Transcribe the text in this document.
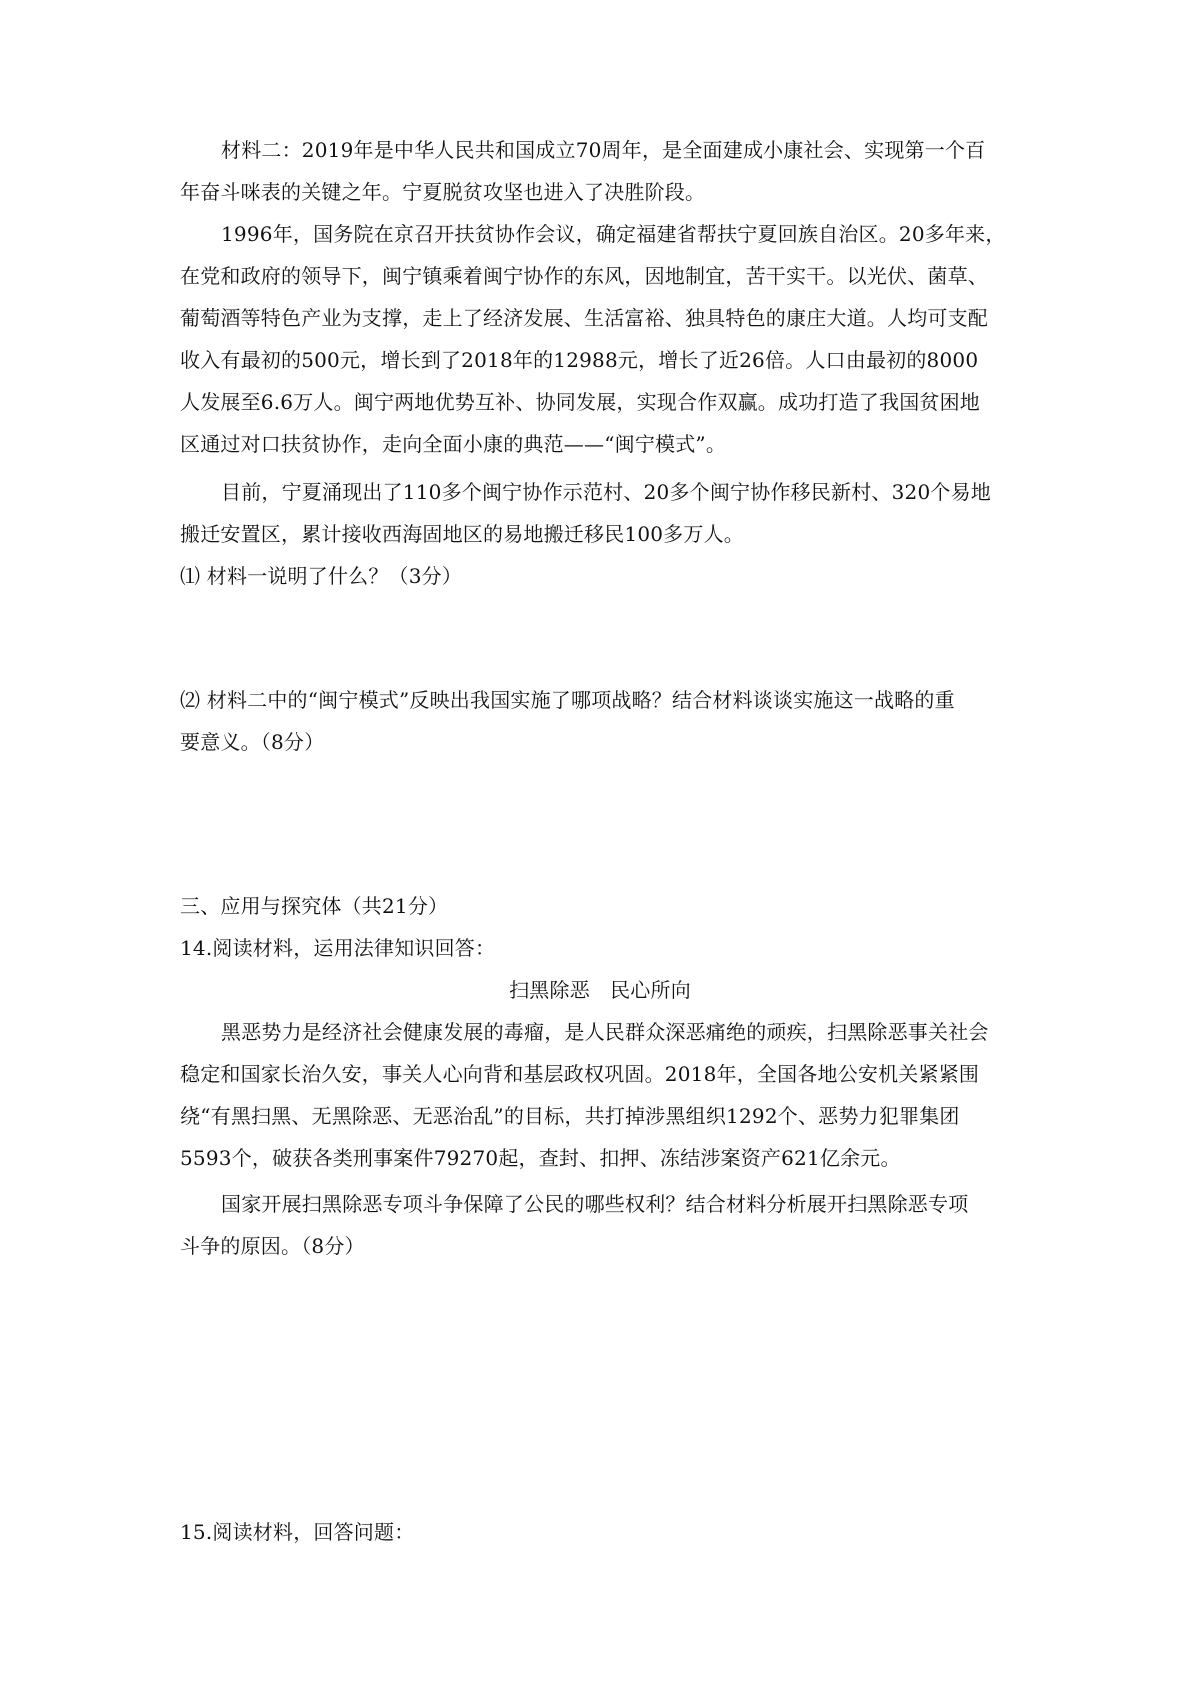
材料二：2019年是中华人民共和国成立70周年，是全面建成小康社会、实现第一个百
年奋斗咪表的关键之年。宁夏脱贫攻坚也进入了决胜阶段。
1996年，国务院在京召开扶贫协作会议，确定福建省帮扶宁夏回族自治区。20多年来，
在党和政府的领导下，闽宁镇乘着闽宁协作的东风，因地制宜，苦干实干。以光伏、菌草、
葡萄酒等特色产业为支撑，走上了经济发展、生活富裕、独具特色的康庄大道。人均可支配
收入有最初的500元，增长到了2018年的12988元，增长了近26倍。人口由最初的8000
人发展至6.6万人。闽宁两地优势互补、协同发展，实现合作双赢。成功打造了我国贫困地
区通过对口扶贫协作，走向全面小康的典范——“闽宁模式”。
目前，宁夏涌现出了110多个闽宁协作示范村、20多个闽宁协作移民新村、320个易地
搬迁安置区，累计接收西海固地区的易地搬迁移民100多万人。
⑴ 材料一说明了什么？（3分）
⑵ 材料二中的“闽宁模式”反映出我国实施了哪项战略？结合材料谈谈实施这一战略的重
要意义。（8分）
三、应用与探究体（共21分）
14.阅读材料，运用法律知识回答：
扫黑除恶　民心所向
黑恶势力是经济社会健康发展的毒瘤，是人民群众深恶痛绝的顽疾，扫黑除恶事关社会
稳定和国家长治久安，事关人心向背和基层政权巩固。2018年，全国各地公安机关紧紧围
绕“有黑扫黑、无黑除恶、无恶治乱”的目标，共打掉涉黑组织1292个、恶势力犯罪集团
5593个，破获各类刑事案件79270起，查封、扣押、冻结涉案资产621亿余元。
国家开展扫黑除恶专项斗争保障了公民的哪些权利？结合材料分析展开扫黑除恶专项
斗争的原因。（8分）
15.阅读材料，回答问题：
